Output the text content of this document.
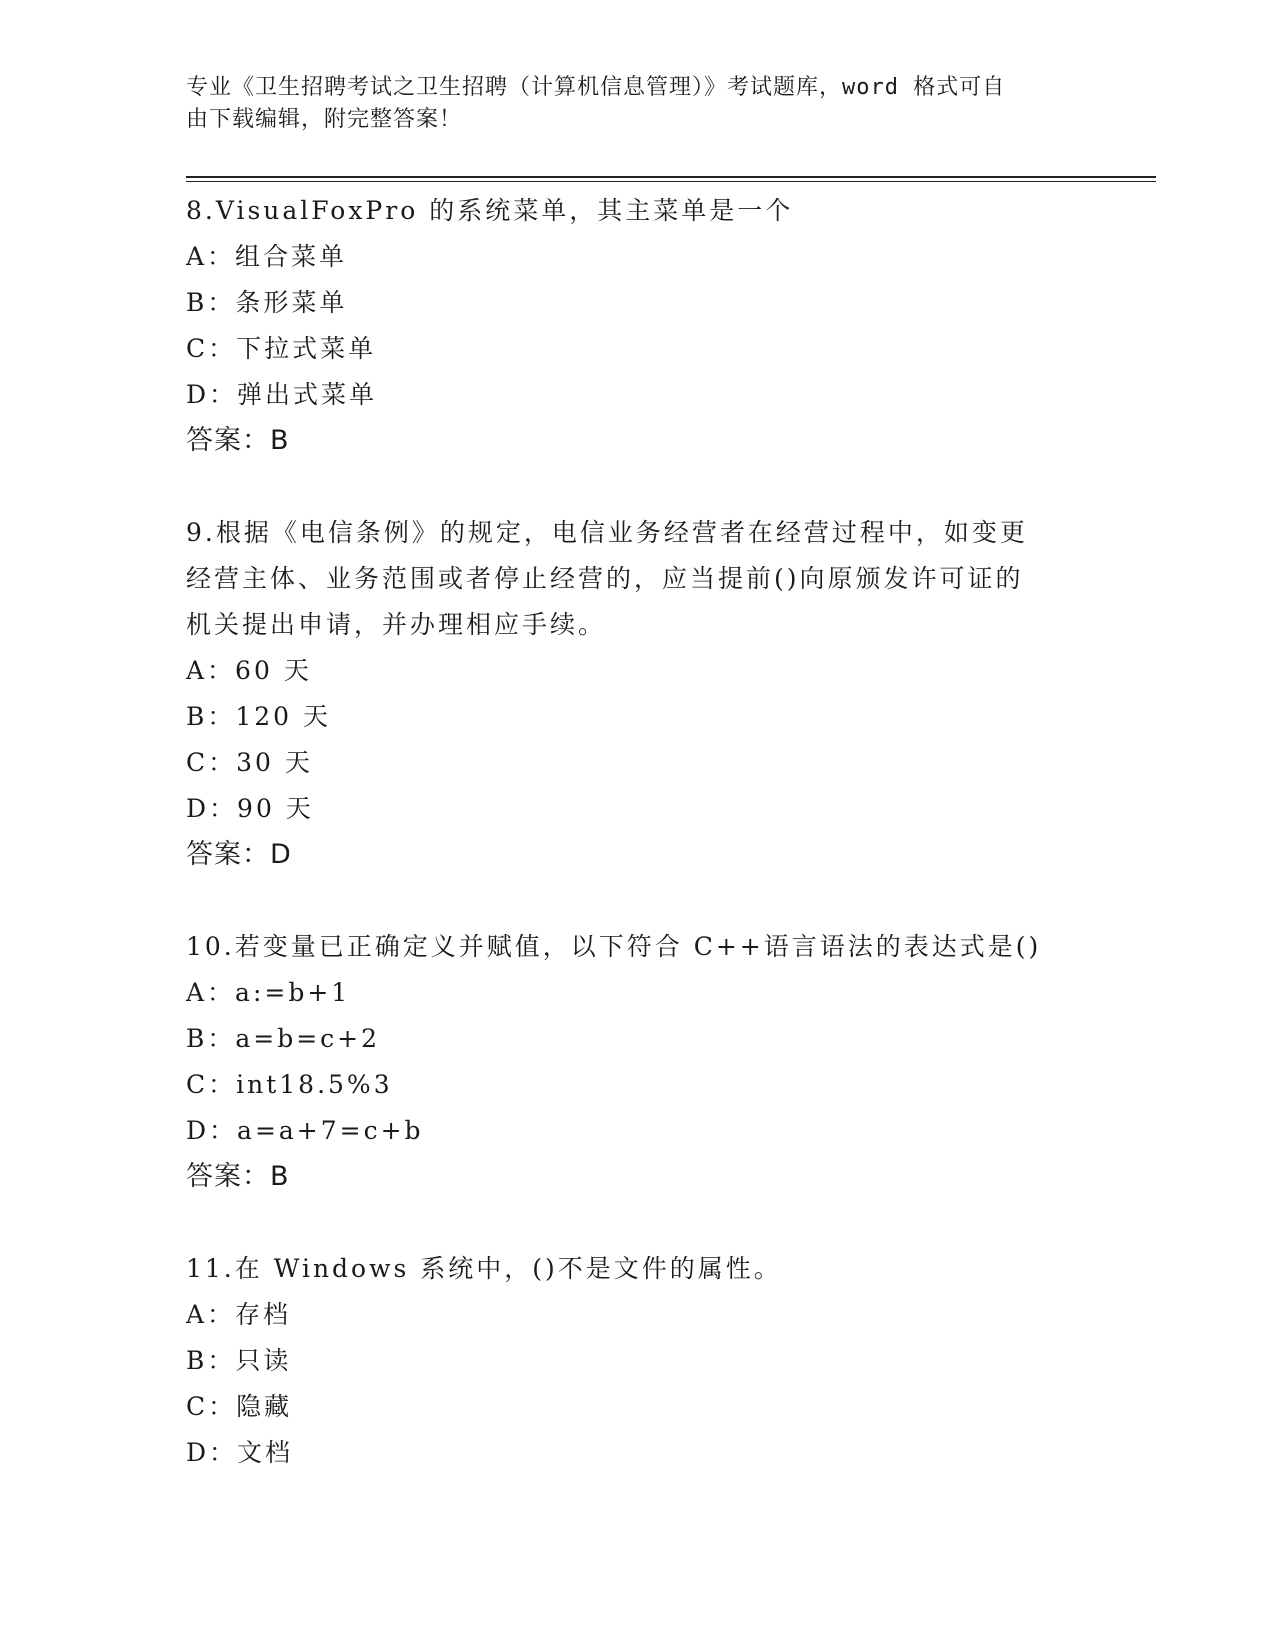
专业《卫生招聘考试之卫生招聘（计算机信息管理）》考试题库，word 格式可自
由下载编辑，附完整答案！
8.VisualFoxPro 的系统菜单，其主菜单是一个
A：组合菜单
B：条形菜单
C：下拉式菜单
D：弹出式菜单
答案：B
9.根据《电信条例》的规定，电信业务经营者在经营过程中，如变更
经营主体、业务范围或者停止经营的，应当提前()向原颁发许可证的
机关提出申请，并办理相应手续。
A：60 天
B：120 天
C：30 天
D：90 天
答案：D
10.若变量已正确定义并赋值，以下符合 C++语言语法的表达式是()
A：a:=b+1
B：a=b=c+2
C：int18.5%3
D：a=a+7=c+b
答案：B
11.在 Windows 系统中，()不是文件的属性。
A：存档
B：只读
C：隐藏
D：文档
